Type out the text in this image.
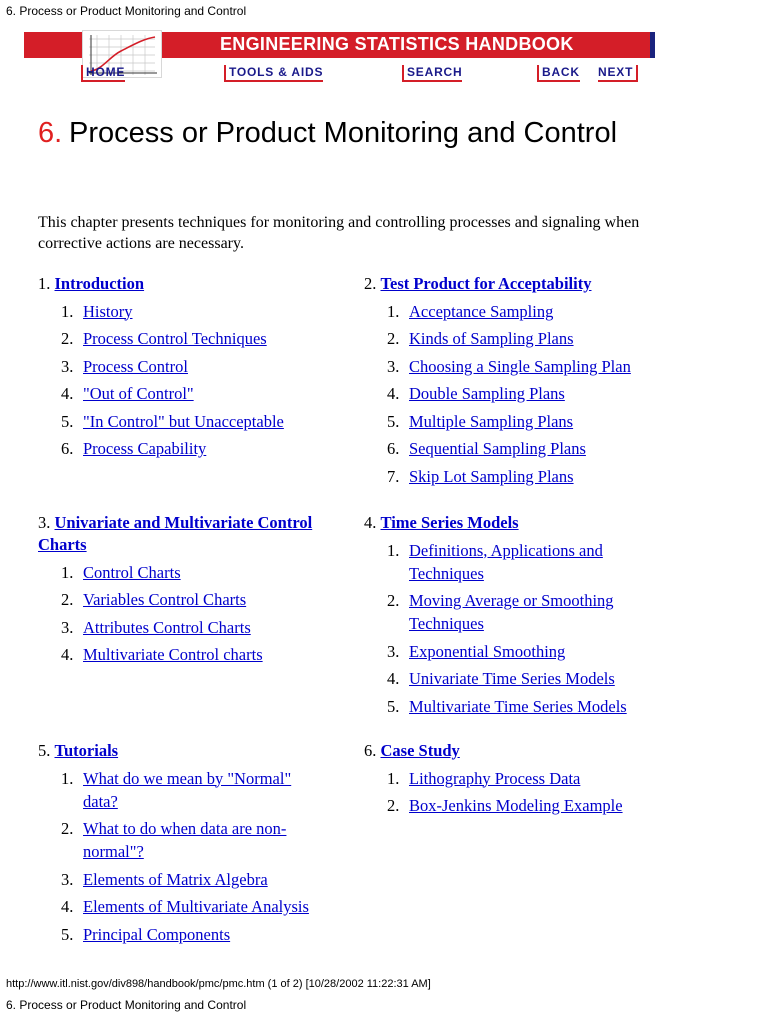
6. Process or Product Monitoring and Control
ENGINEERING STATISTICS HANDBOOK
HOME	TOOLS & AIDS	SEARCH	BACK NEXT
6. Process or Product Monitoring and Control

This chapter presents techniques for monitoring and controlling processes and signaling when corrective actions are necessary.

1. Introduction
1. History
2. Process Control Techniques
3. Process Control
4. "Out of Control"
5. "In Control" but Unacceptable
6. Process Capability
2. Test Product for Acceptability
1. Acceptance Sampling
2. Kinds of Sampling Plans
3. Choosing a Single Sampling Plan
4. Double Sampling Plans
5. Multiple Sampling Plans
6. Sequential Sampling Plans
7. Skip Lot Sampling Plans
3. Univariate and Multivariate Control Charts
1. Control Charts
2. Variables Control Charts
3. Attributes Control Charts
4. Multivariate Control charts
4. Time Series Models
1. Definitions, Applications and Techniques
2. Moving Average or Smoothing Techniques
3. Exponential Smoothing
4. Univariate Time Series Models
5. Multivariate Time Series Models
5. Tutorials
1. What do we mean by "Normal" data?
2. What to do when data are non-normal"?
3. Elements of Matrix Algebra
4. Elements of Multivariate Analysis
5. Principal Components
6. Case Study
1. Lithography Process Data
2. Box-Jenkins Modeling Example
http://www.itl.nist.gov/div898/handbook/pmc/pmc.htm (1 of 2) [10/28/2002 11:22:31 AM]
6. Process or Product Monitoring and Control
